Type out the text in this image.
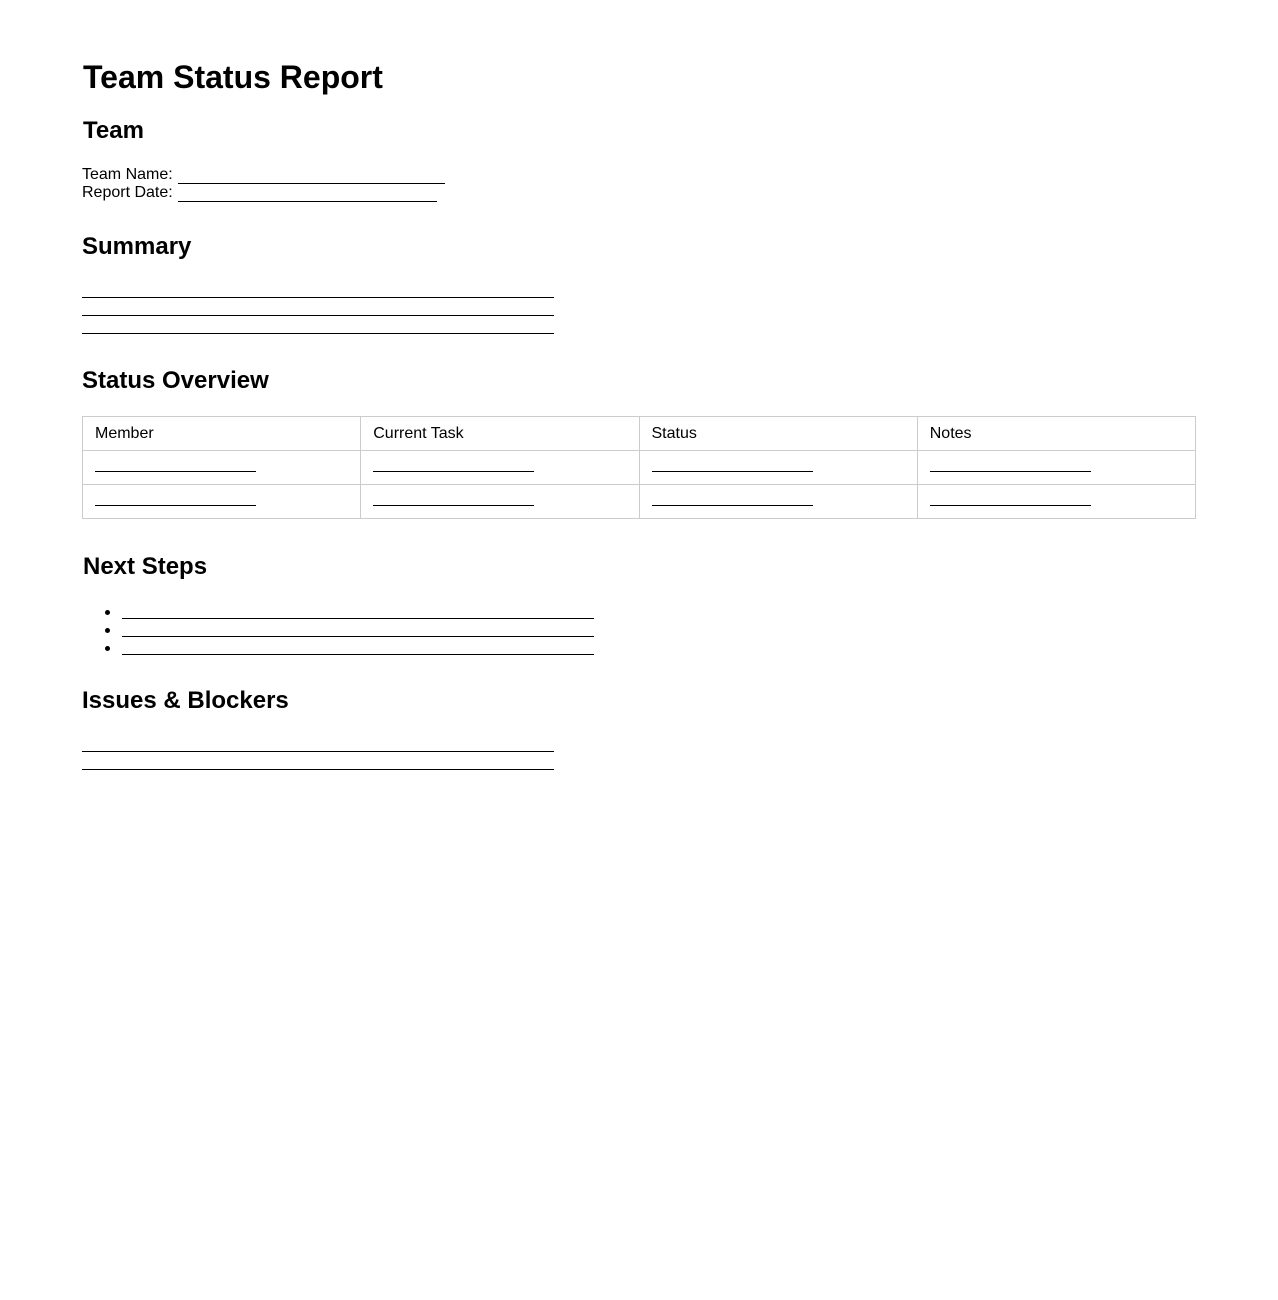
Team Status Report
Team
Team Name:
Report Date:
Summary
Status Overview
Member	Current Task	Status	Notes

Next Steps
Issues & Blockers
